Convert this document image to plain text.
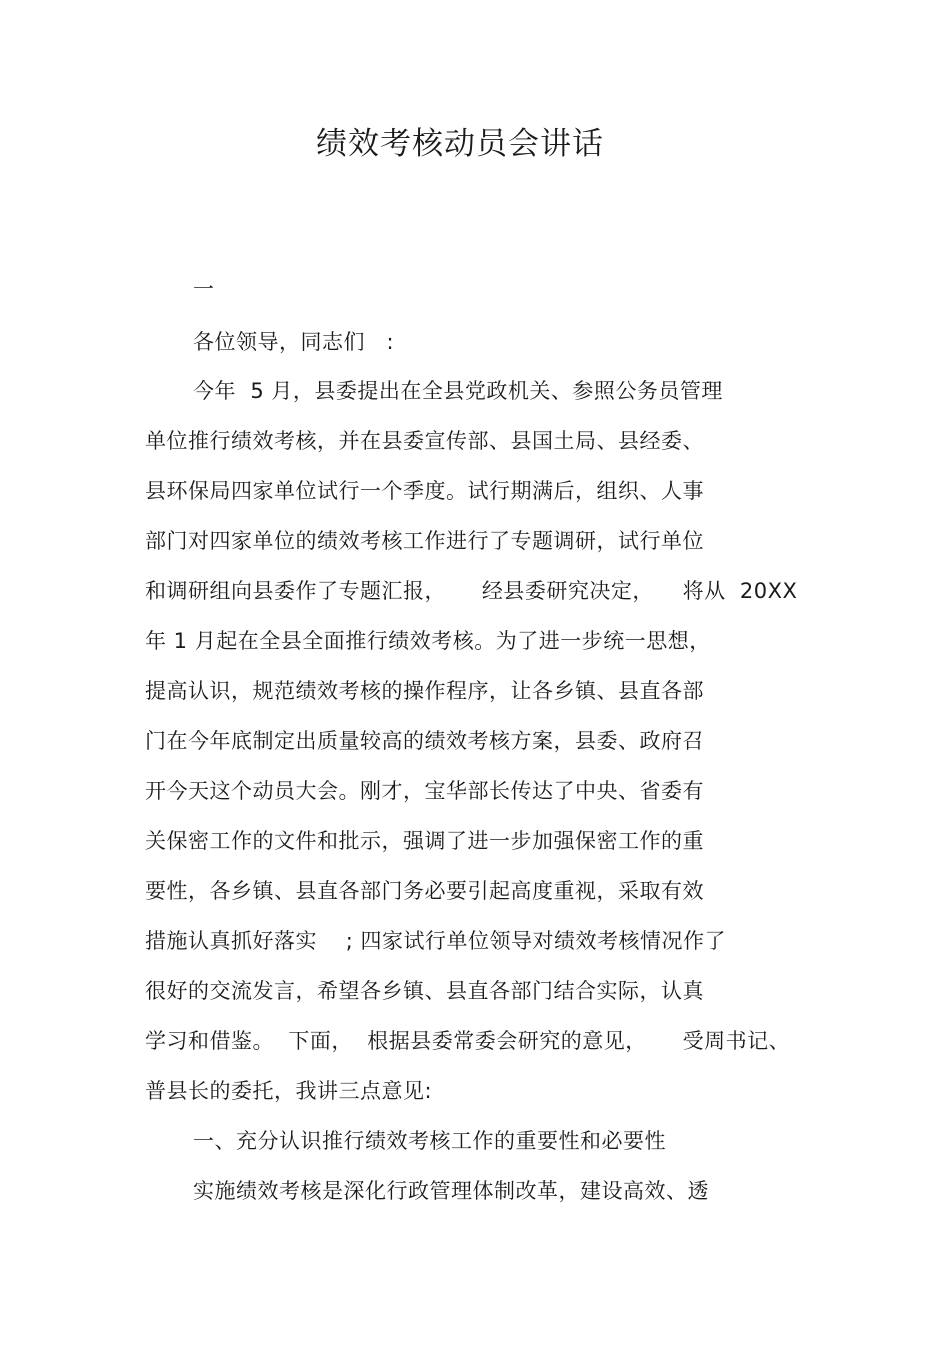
绩效考核动员会讲话
一
各位领导，同志们   :
今年  5 月，县委提出在全县党政机关、参照公务员管理
单位推行绩效考核，并在县委宣传部、县国土局、县经委、
县环保局四家单位试行一个季度。试行期满后，组织、人事
部门对四家单位的绩效考核工作进行了专题调研，试行单位
和调研组向县委作了专题汇报，     经县委研究决定，    将从  20XX
年 1 月起在全县全面推行绩效考核。为了进一步统一思想，
提高认识，规范绩效考核的操作程序，让各乡镇、县直各部
门在今年底制定出质量较高的绩效考核方案，县委、政府召
开今天这个动员大会。刚才，宝华部长传达了中央、省委有
关保密工作的文件和批示，强调了进一步加强保密工作的重
要性，各乡镇、县直各部门务必要引起高度重视，采取有效
措施认真抓好落实    ; 四家试行单位领导对绩效考核情况作了
很好的交流发言，希望各乡镇、县直各部门结合实际，认真
学习和借鉴。  下面，  根据县委常委会研究的意见，     受周书记、
普县长的委托，我讲三点意见:
一、充分认识推行绩效考核工作的重要性和必要性
实施绩效考核是深化行政管理体制改革，建设高效、透
